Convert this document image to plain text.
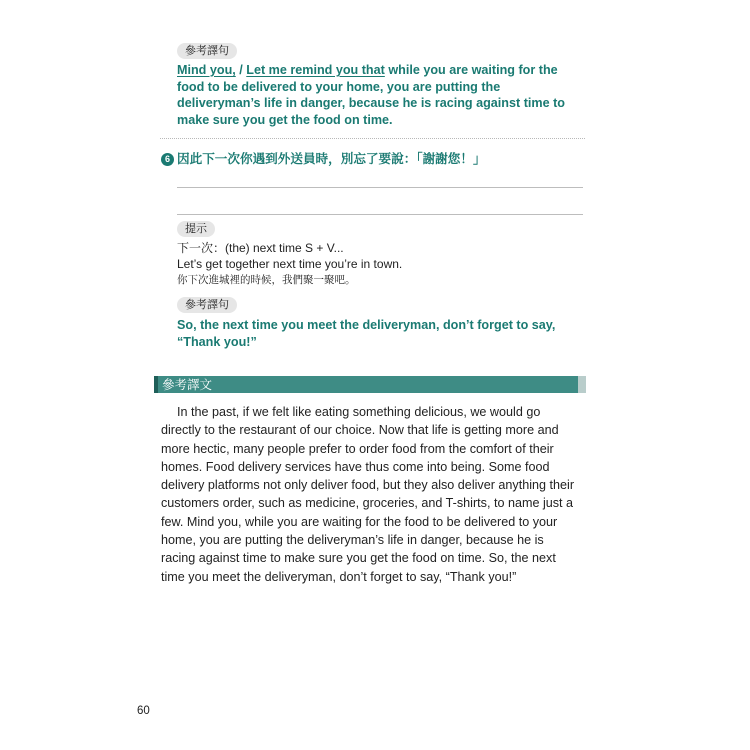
參考譯句
Mind you, / Let me remind you that while you are waiting for the food to be delivered to your home, you are putting the deliveryman’s life in danger, because he is racing against time to make sure you get the food on time.
6 因此下一次你遇到外送員時，別忘了要說：「謝謝您！」
提示
下一次：(the) next time S + V...
Let’s get together next time you’re in town.
你下次進城裡的時候，我們聚一聚吧。
參考譯句
So, the next time you meet the deliveryman, don’t forget to say, “Thank you!”
參考譯文

In the past, if we felt like eating something delicious, we would go directly to the restaurant of our choice. Now that life is getting more and more hectic, many people prefer to order food from the comfort of their homes. Food delivery services have thus come into being. Some food delivery platforms not only deliver food, but they also deliver anything their customers order, such as medicine, groceries, and T-shirts, to name just a few. Mind you, while you are waiting for the food to be delivered to your home, you are putting the deliveryman’s life in danger, because he is racing against time to make sure you get the food on time. So, the next time you meet the deliveryman, don’t forget to say, “Thank you!”

60
